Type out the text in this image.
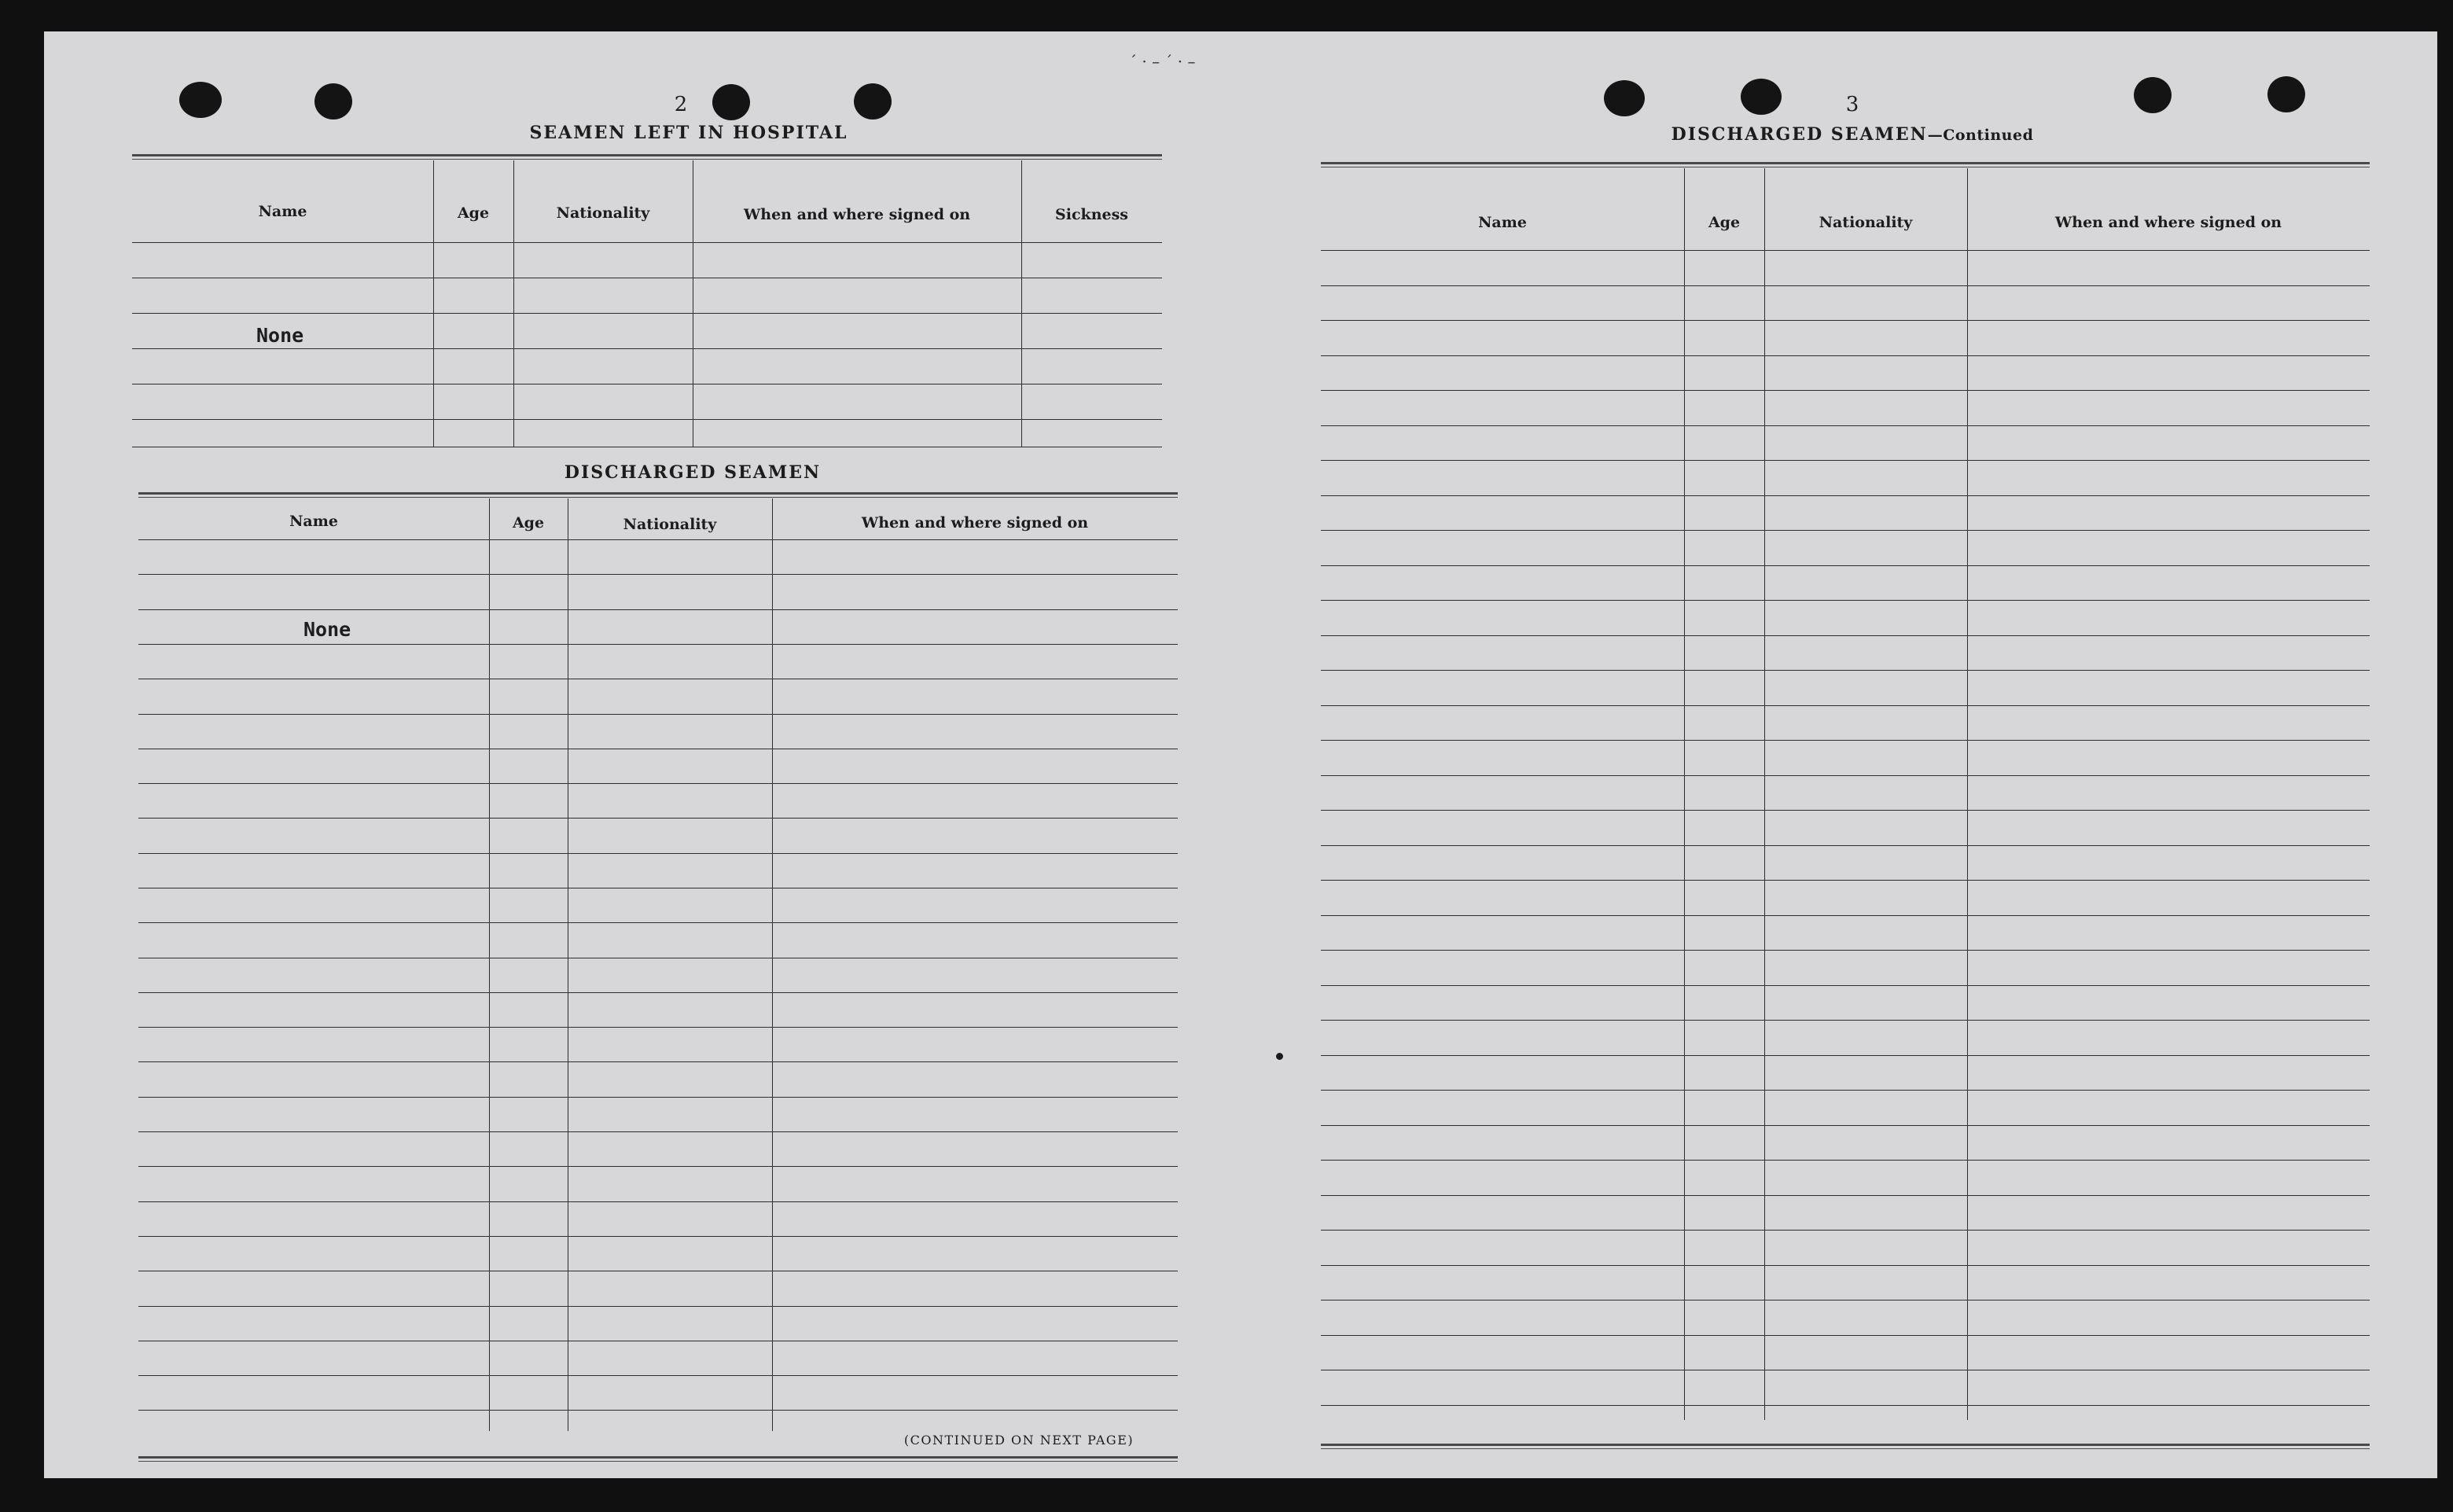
´ · – ´ · –
2
SEAMEN LEFT IN HOSPITAL
Name	Age	Nationality	When and where signed on	Sickness
None
DISCHARGED SEAMEN
Name	Age	Nationality	When and where signed on
None
(CONTINUED ON NEXT PAGE)
3
DISCHARGED SEAMEN—Continued
Name	Age	Nationality	When and where signed on
